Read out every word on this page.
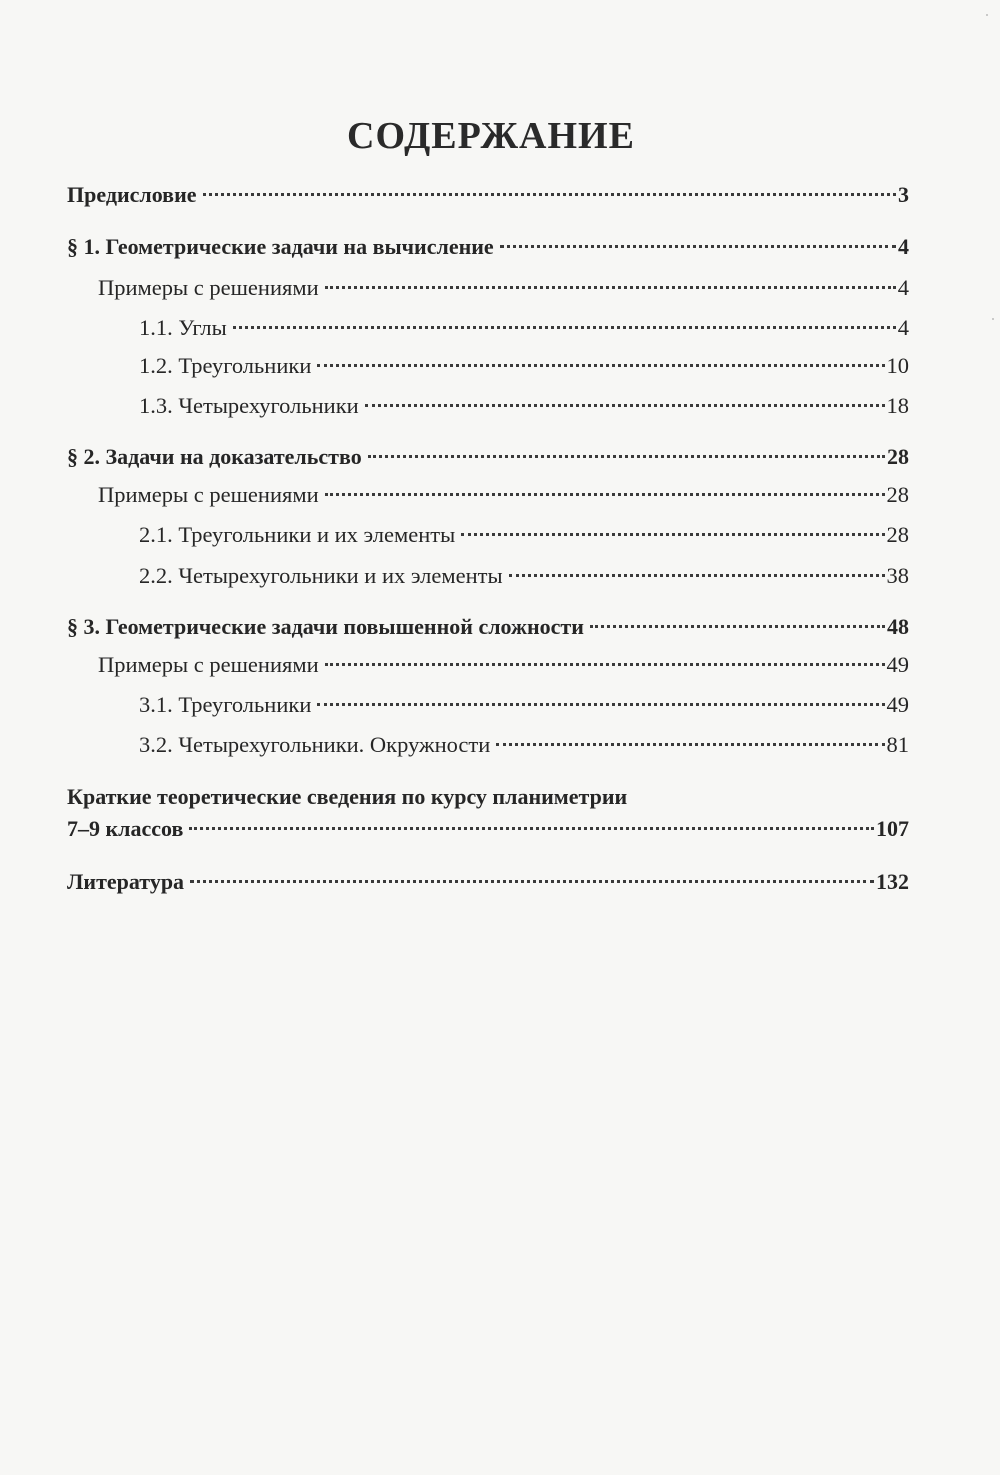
СОДЕРЖАНИЕ
Предисловие	3
§ 1. Геометрические задачи на вычисление	4
Примеры с решениями	4
1.1. Углы	4
1.2. Треугольники	10
1.3. Четырехугольники	18
§ 2. Задачи на доказательство	28
Примеры с решениями	28
2.1. Треугольники и их элементы	28
2.2. Четырехугольники и их элементы	38
§ 3. Геометрические задачи повышенной сложности	48
Примеры с решениями	49
3.1. Треугольники	49
3.2. Четырехугольники. Окружности	81
Краткие теоретические сведения по курсу планиметрии
7–9 классов	107
Литература	132
